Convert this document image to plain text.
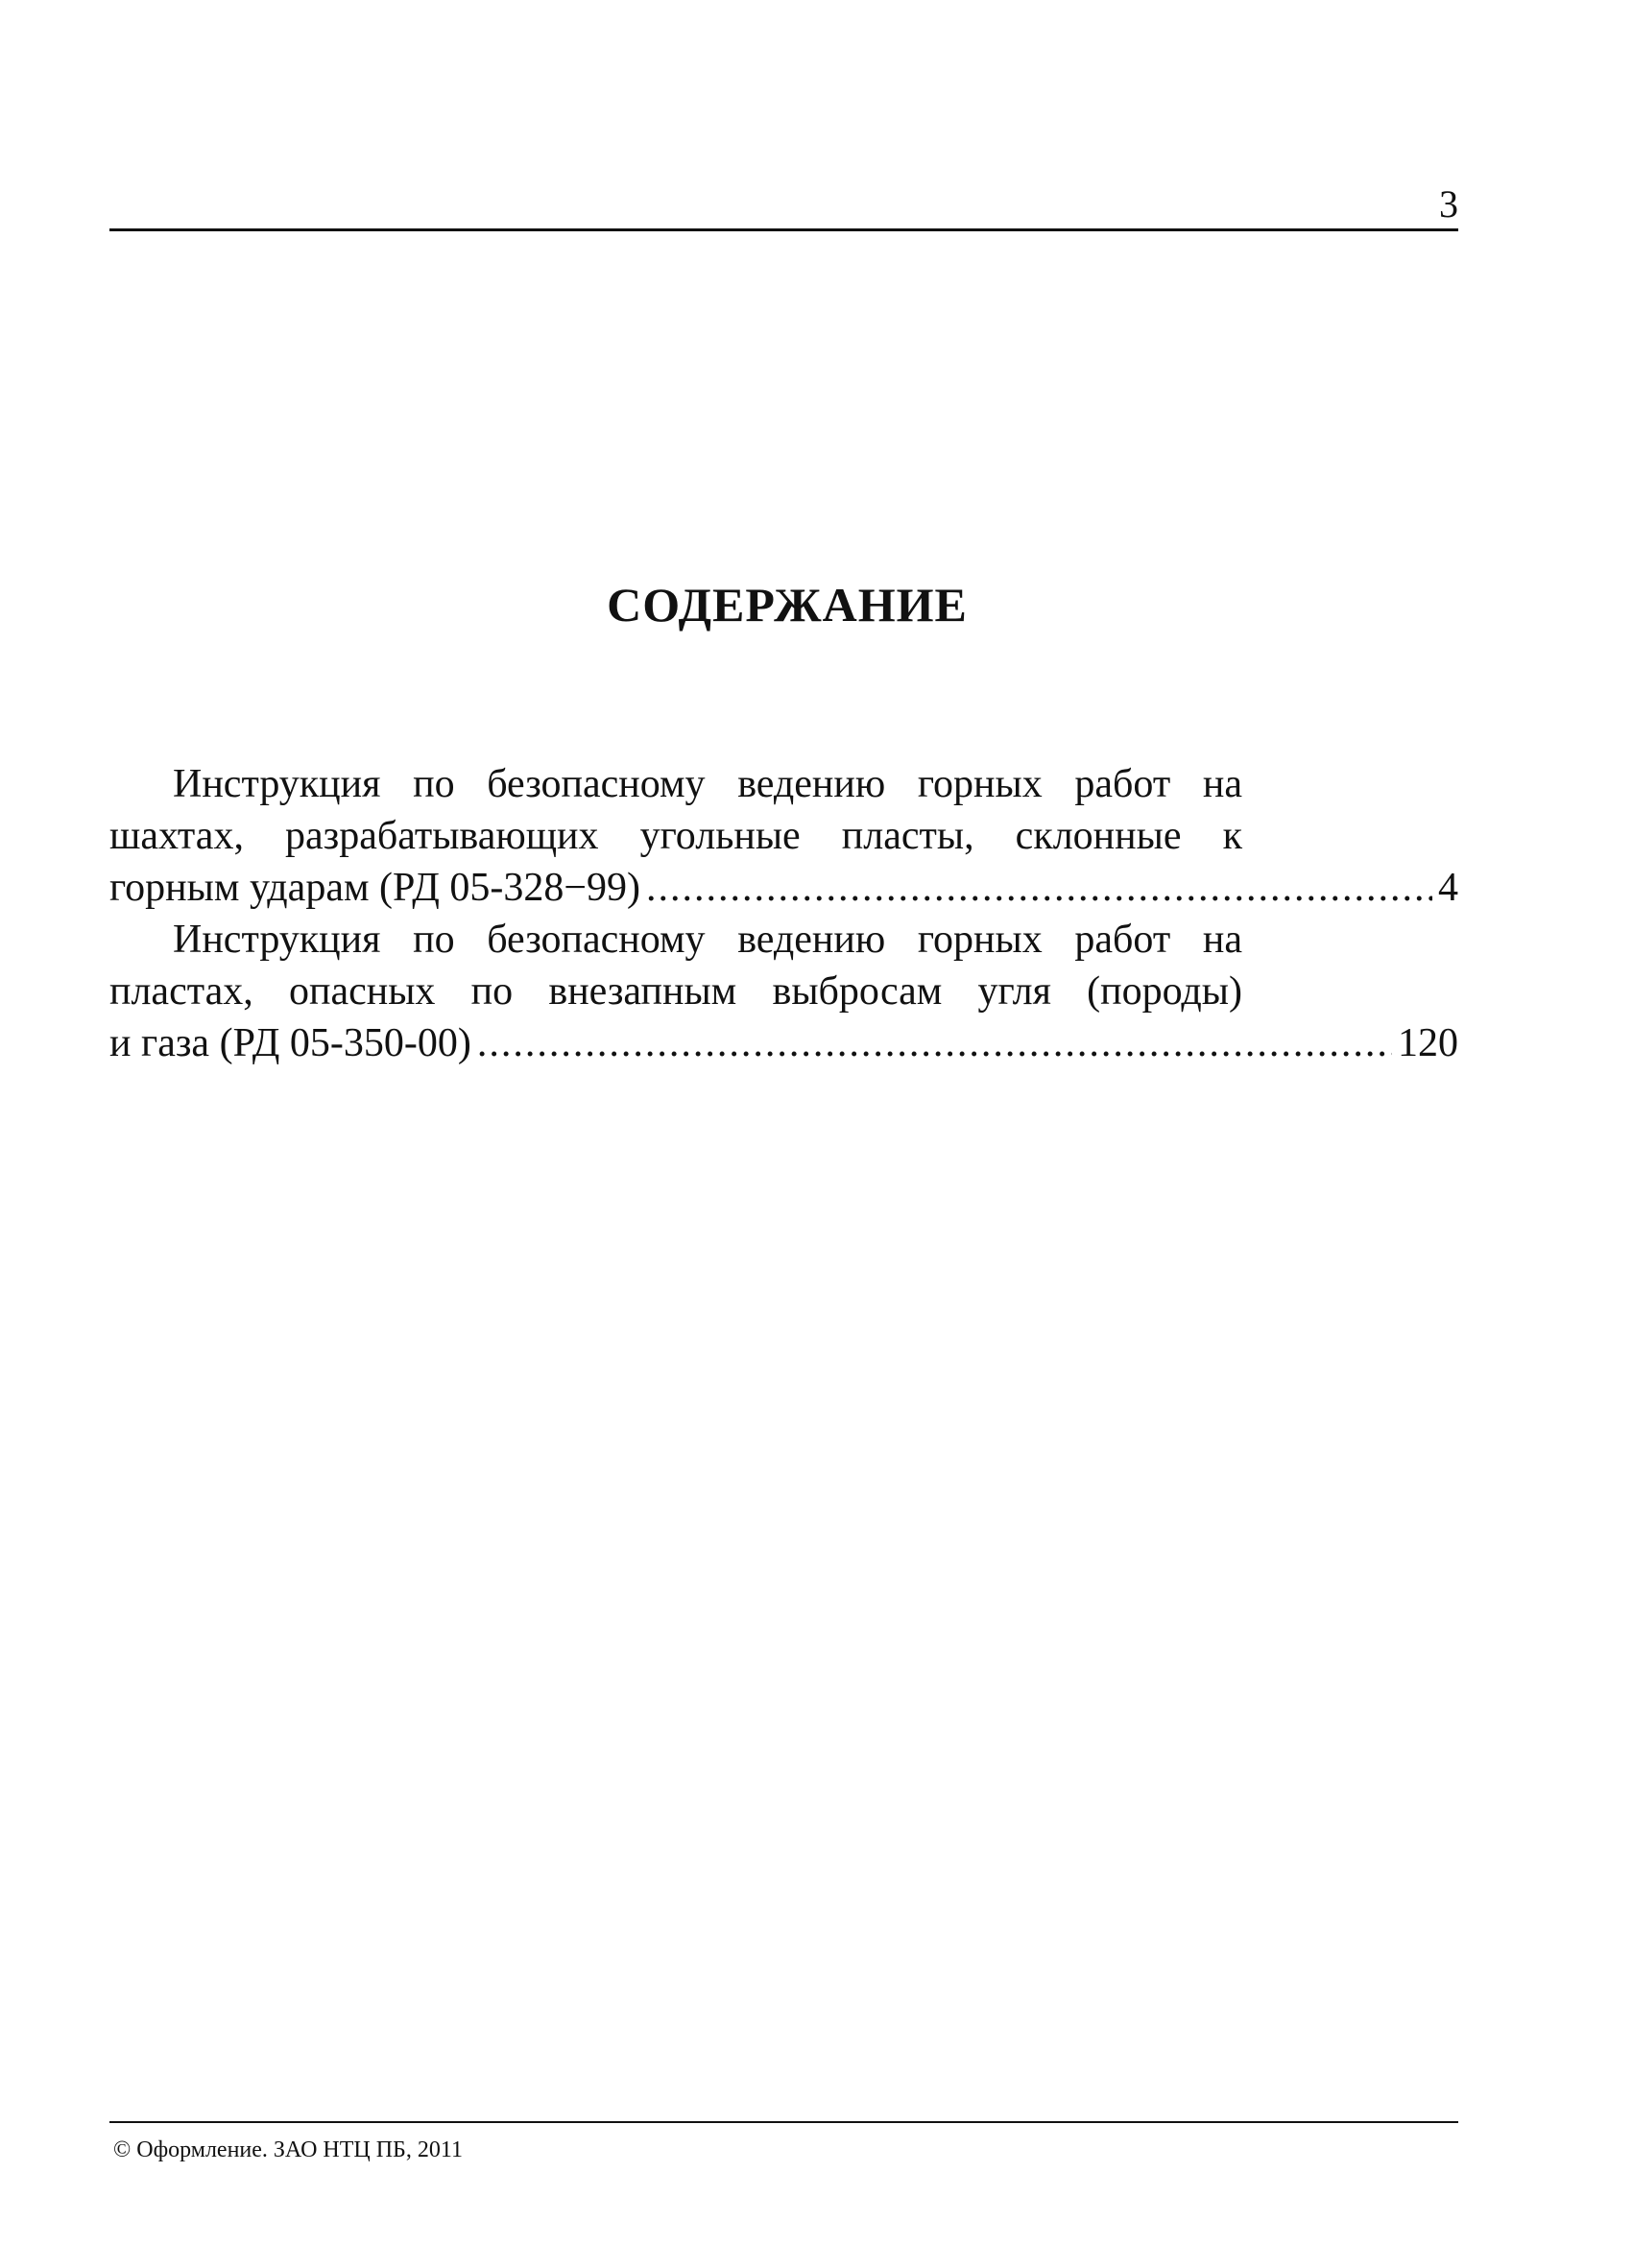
3
СОДЕРЖАНИЕ
Инструкция по безопасному ведению горных работ на
шахтах, разрабатывающих угольные пласты, склонные к
горным ударам (РД 05-328−99) .....	4
Инструкция по безопасному ведению горных работ на
пластах, опасных по внезапным выбросам угля (породы)
и газа (РД 05-350-00) .....	120
© Оформление. ЗАО НТЦ ПБ, 2011
